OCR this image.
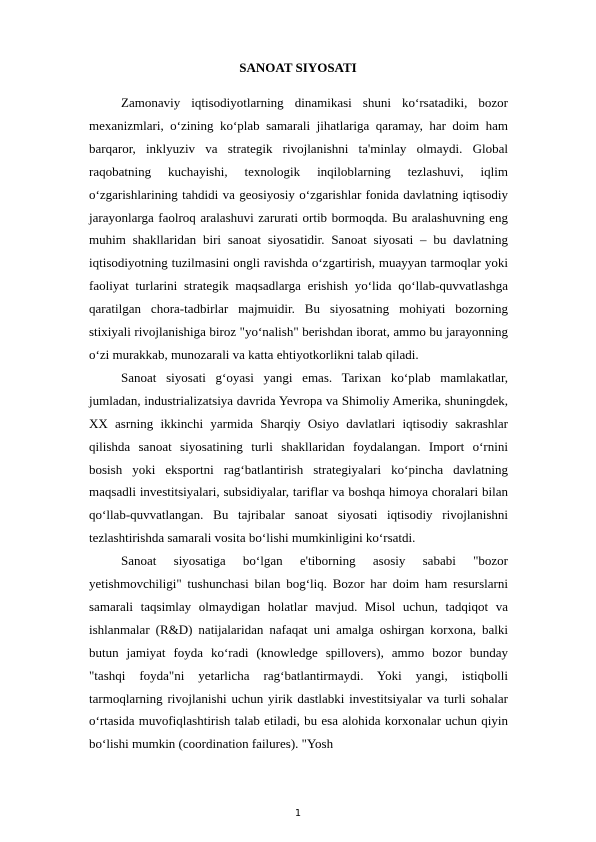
SANOAT SIYOSATI

Zamonaviy iqtisodiyotlarning dinamikasi shuni koʻrsatadiki, bozor mexanizmlari, oʻzining koʻplab samarali jihatlariga qaramay, har doim ham barqaror, inklyuziv va strategik rivojlanishni ta'minlay olmaydi. Global raqobatning kuchayishi, texnologik inqiloblarning tezlashuvi, iqlim oʻzgarishlarining tahdidi va geosiyosiy oʻzgarishlar fonida davlatning iqtisodiy jarayonlarga faolroq aralashuvi zarurati ortib bormoqda. Bu aralashuvning eng muhim shakllaridan biri sanoat siyosatidir. Sanoat siyosati – bu davlatning iqtisodiyotning tuzilmasini ongli ravishda oʻzgartirish, muayyan tarmoqlar yoki faoliyat turlarini strategik maqsadlarga erishish yoʻlida qoʻllab-quvvatlashga qaratilgan chora-tadbirlar majmuidir. Bu siyosatning mohiyati bozorning stixiyali rivojlanishiga biroz "yoʻnalish" berishdan iborat, ammo bu jarayonning oʻzi murakkab, munozarali va katta ehtiyotkorlikni talab qiladi.

Sanoat siyosati gʻoyasi yangi emas. Tarixan koʻplab mamlakatlar, jumladan, industrializatsiya davrida Yevropa va Shimoliy Amerika, shuningdek, XX asrning ikkinchi yarmida Sharqiy Osiyo davlatlari iqtisodiy sakrashlar qilishda sanoat siyosatining turli shakllaridan foydalangan. Import oʻrnini bosish yoki eksportni ragʻbatlantirish strategiyalari koʻpincha davlatning maqsadli investitsiyalari, subsidiyalar, tariflar va boshqa himoya choralari bilan qoʻllab-quvvatlangan. Bu tajribalar sanoat siyosati iqtisodiy rivojlanishni tezlashtirishda samarali vosita boʻlishi mumkinligini koʻrsatdi.

Sanoat siyosatiga boʻlgan e'tiborning asosiy sababi "bozor yetishmovchiligi" tushunchasi bilan bogʻliq. Bozor har doim ham resurslarni samarali taqsimlay olmaydigan holatlar mavjud. Misol uchun, tadqiqot va ishlanmalar (R&D) natijalaridan nafaqat uni amalga oshirgan korxona, balki butun jamiyat foyda koʻradi (knowledge spillovers), ammo bozor bunday "tashqi foyda"ni yetarlicha ragʻbatlantirmaydi. Yoki yangi, istiqbolli tarmoqlarning rivojlanishi uchun yirik dastlabki investitsiyalar va turli sohalar oʻrtasida muvofiqlashtirish talab etiladi, bu esa alohida korxonalar uchun qiyin boʻlishi mumkin (coordination failures). "Yosh

1
